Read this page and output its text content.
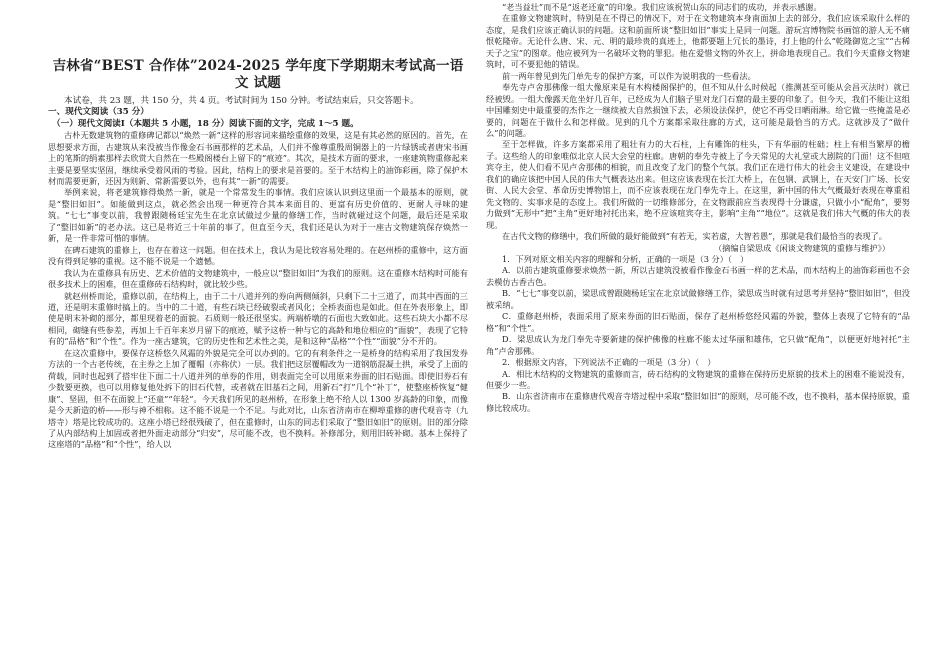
吉林省“BEST 合作体”2024-2025 学年度下学期期末考试高一语文 试题
本试卷，共 23 题，共 150 分，共 4 页。考试时间为 150 分钟。考试结束后，只交答题卡。
一、现代文阅读（35 分）
（一）现代文阅读Ⅰ（本题共 5 小题，18 分）阅读下面的文字，完成 1～5 题。

古朴无数建筑物的重修碑记都以“焕然一新”这样的形容词来描绘重修的效果，这是有其必然的原因的。首先，在思想要求方面，古建筑从来没被当作像金石书画那样的艺术品，人们并不像尊重殷周铜器上的一片绿锈或者唐宋书画上的笔斯的绢素那样去欣赏大自然在一些殿阁楼台上留下的“痕迹”。其次，是技术方面的要求，一座建筑物重修起来主要是要坚实坚固，继续承受着风雨的考验。因此，结构上的要求是首要的。至于木结构上的油饰彩画，除了保护木材而需要更新，还因为则新、常新需要以外，也有其“一新”的需要。

举例来说，将老建筑修得焕然一新，就是一个常常发生的事情。我们应该认识到这里面一个最基本的原则，就是“整旧如旧”。如能做到这点，就必然会出现一种更符合其本来面目的、更富有历史价值的、更耐人寻味的建筑。“七七”事变以前，我曾跟随杨廷宝先生在北京试做过少量的修缮工作，当时就碰过这个问题，最后还是采取了“整旧如新”的老办法。这已是将近三十年前的事了，但直至今天，我们还是认为对于一座古文物建筑保存焕然一新，是一件非常可惜的事情。

在碑石建筑的重修上，也存在着这一问题。但在技术上，我认为是比较容易处理的。在赵州桥的重修中，这方面没有得到足够的重视。这不能不说是一个遗憾。

我认为在重修具有历史、艺术价值的文物建筑中，一般应以“整旧如旧”为我们的原则。这在重修木结构时可能有很多技术上的困难，但在重修砖石结构时，就比较少些。

就赵州桥而论，重修以前，在结构上，由于二十八道并列的券向两侧倾斜，只剩下二十三道了，而其中西面的三道，还是明末重修时搞上的。当中的二十道，有些石块已经破裂或者风化；全桥表面也是如此。但在外表形象上，即使是明末补砌的部分，都里现着老的面貌。石质则一般还很坚实。两端桥墩的石面也大致如此。这些石块大小都不尽相同，砌缝有些参差，再加上千百年来岁月留下的痕迹，赋予这桥一种与它的高龄和地位相应的“面貌”，表现了它特有的“品格”和“个性”。作为一座古建筑，它的历史性和艺术性之美，是和这种“品格”“个性”“面貌”分不开的。

在这次重修中，要保存这桥悠久风霜的外貌是完全可以办到的。它的有利条件之一是桥身的结构采用了我国发券方法的一个古老传统，在主券之上加了覆帽（亦称伏）一层。我们把这层覆帽改为一道钢筋混凝土拱，承受了上面的荷载，同时也起到了搭牢住下面二十八道并列的单券的作用，则表面完全可以用原来券面的旧石贴面。即使旧券石有少数要更换，也可以用修复他处拆下的旧石代替，或者就在旧基石之间，用新石“打”几个“补丁”，使整座桥恢复“健康”、坚固，但不在面貌上“还童”“年轻”。今天我们所见的赵州桥，在形象上绝不给人以 1300 岁高龄的印象，而像是今天新造的桥——形与神不相称。这不能不说是一个不足。与此对比，山东省济南市在柳埠重修的唐代观音寺（九塔寺）塔是比较成功的。这座小塔已经很残破了，但在重修时，山东的同志们采取了“整旧如旧”的原则。旧的部分除了从内部结构上加固或者把外面走动部分“归安”，尽可能不改，也不换料。补修部分，则用旧砖补砌。基本上保持了这座塔的“品格”和“个性”，给人以

“老当益壮”而不是“返老还童”的印象。我们应该祝贺山东的同志们的成功，并表示感谢。

在重修文物建筑时，特别是在不得已的情况下，对于在文物建筑本身南面加上去的部分，我们应该采取什么样的态度，是我们应该正确认识的问题。这和前面所谈“整旧如旧”事实上是同一问题。游玩宫博物院书画馆的游人无不痛恨乾隆帝。无论什么唐、宋、元、明的最珍贵的真迹上，他都要题上冗长的墨诗，打上他的什么“乾隆御览之宝”“古稀天子之宝”的图章。他应被列为一名破坏文物的罪犯。他在爱惜文物的外衣上，拼命地表现自己。我们今天重修文物建筑时，可不要犯他的错误。

前一两年曾见到先门单先专的保护方案，可以作为说明我的一些看法。

奉先寺卢舍那佛像一组大像原来是有木构楼阁保护的，但不知从什么时候起（推测甚至可能从会昌灭法时）就已经被毁。一组大像露天危坐好几百年，已经成为人们脑子里对龙门石窟的最主要的印象了。但今天，我们不能让这组中国雕刻史中最重要的杰作之一继续被大自然损蚀下去，必须设法保护，使它不再受日晒雨淋。给它做一些掩盖是必要的，问题在于做什么和怎样做。见到的几个方案都采取往廊的方式，这可能是最恰当的方式。这就涉及了“做什么”的问题。

至于怎样做，许多方案都采用了粗壮有力的大石柱，上有雕饰的柱头，下有华丽的柱础；柱上有相当繁厚的檐子。这些给人的印象唯似北京人民大会堂的柱廊。唐朝的奉先寺被上了今天常见的大礼堂或大剧院的门面！这不但喧宾夺主，使人们看不见卢舍那佛的相貌，而且改变了龙门的整个气氛。我们正在进行伟大的社会主义建设，在建设中我们的确应该把中国人民的伟大气概表达出来。但这应该表现在长江大桥上，在包钢、武钢上，在天安门广场、长安街、人民大会堂、革命历史博物馆上，而不应该表现在龙门奉先寺上。在这里，新中国的伟大气概最好表现在尊重祖先文物的、实事求是的态度上。我们所做的一切维修部分，在文物跟前应当表现得十分谦虚，只做小小“配角”，要努力做到“无形中”把“主角”更好地衬托出来，绝不应该喧宾夺主，影响“主角”“地位”。这就是我们伟大气概的伟大的表现。

在古代文物的修缮中，我们所做的最好能做到“有若无，实若虚，大智若愚”，那就是我们最恰当的表现了。

（摘编自梁思成《闲谈文物建筑的重修与维护》）

1．下列对原文相关内容的理解和分析，正确的一项是（3 分）（　）

A．以前古建筑重修要求焕然一新，所以古建筑没被看作像金石书画一样的艺术品，而木结构上的油饰彩画也不会去模仿古香古色。

B．“七七”事变以前，梁思成曾跟随杨廷宝在北京试做修缮工作，梁思成当时就有过思考并坚持“整旧如旧”，但没被采纳。

C．重修赵州桥，表面采用了原来券面的旧石贴面，保存了赵州桥悠经风霜的外貌，整体上表现了它特有的“品格”和“个性”。

D．梁思成认为龙门奉先寺要新建的保护佛像的柱廊不能太过华丽和雄伟，它只做“配角”，以便更好地衬托“主角”卢舍那佛。

2．根据原文内容，下列说法不正确的一项是（3 分）（　）

A．相比木结构的文物建筑的重修而言，砖石结构的文物建筑的重修在保持历史原貌的技术上的困难不能说没有，但要少一些。

B．山东省济南市在重修唐代观音寺塔过程中采取“整旧如旧”的原则，尽可能不改，也不换料，基本保持原貌，重修比较成功。
